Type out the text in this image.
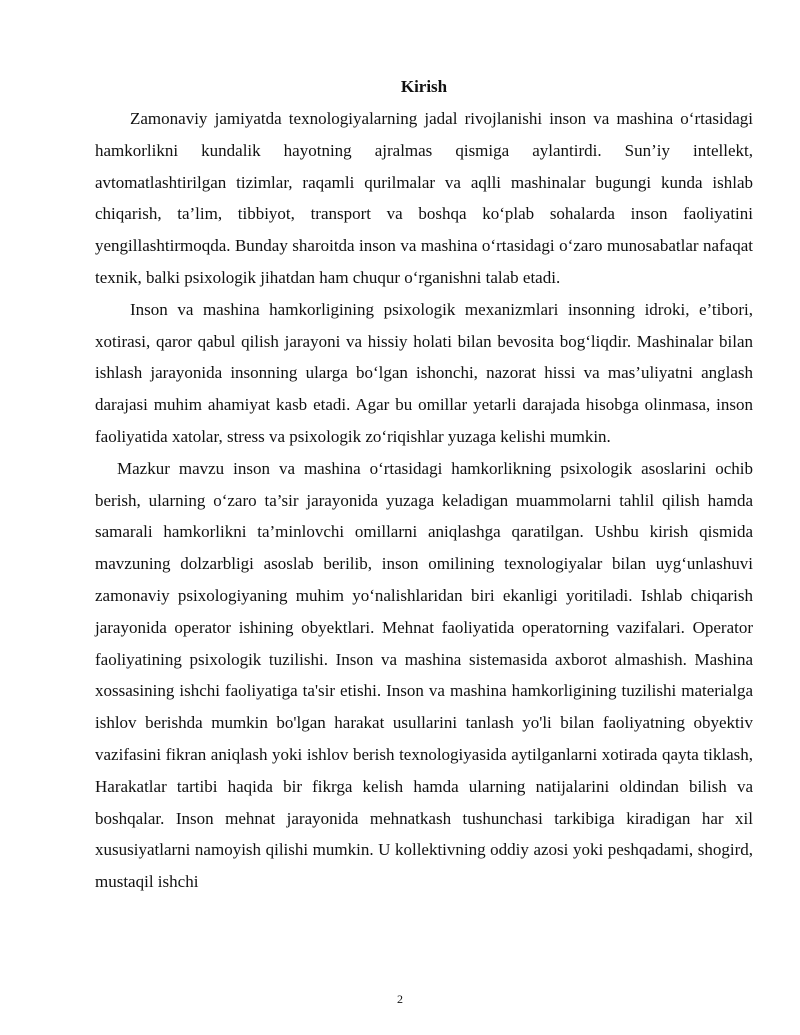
Kirish

Zamonaviy jamiyatda texnologiyalarning jadal rivojlanishi inson va mashina o‘rtasidagi hamkorlikni kundalik hayotning ajralmas qismiga aylantirdi. Sun’iy intellekt, avtomatlashtirilgan tizimlar, raqamli qurilmalar va aqlli mashinalar bugungi kunda ishlab chiqarish, ta’lim, tibbiyot, transport va boshqa ko‘plab sohalarda inson faoliyatini yengillashtirmoqda. Bunday sharoitda inson va mashina o‘rtasidagi o‘zaro munosabatlar nafaqat texnik, balki psixologik jihatdan ham chuqur o‘rganishni talab etadi.

Inson va mashina hamkorligining psixologik mexanizmlari insonning idroki, e’tibori, xotirasi, qaror qabul qilish jarayoni va hissiy holati bilan bevosita bog‘liqdir. Mashinalar bilan ishlash jarayonida insonning ularga bo‘lgan ishonchi, nazorat hissi va mas’uliyatni anglash darajasi muhim ahamiyat kasb etadi. Agar bu omillar yetarli darajada hisobga olinmasa, inson faoliyatida xatolar, stress va psixologik zo‘riqishlar yuzaga kelishi mumkin.

Mazkur mavzu inson va mashina o‘rtasidagi hamkorlikning psixologik asoslarini ochib berish, ularning o‘zaro ta’sir jarayonida yuzaga keladigan muammolarni tahlil qilish hamda samarali hamkorlikni ta’minlovchi omillarni aniqlashga qaratilgan. Ushbu kirish qismida mavzuning dolzarbligi asoslab berilib, inson omilining texnologiyalar bilan uyg‘unlashuvi zamonaviy psixologiyaning muhim yo‘nalishlaridan biri ekanligi yoritiladi. Ishlab chiqarish jarayonida operator ishining obyektlari. Mehnat faoliyatida operatorning vazifalari. Operator faoliyatining psixologik tuzilishi. Inson va mashina sistemasida axborot almashish. Mashina xossasining ishchi faoliyatiga ta'sir etishi. Inson va mashina hamkorligining tuzilishi materialga ishlov berishda mumkin bo'lgan harakat usullarini tanlash yo'li bilan faoliyatning obyektiv vazifasini fikran aniqlash yoki ishlov berish texnologiyasida aytilganlarni xotirada qayta tiklash, Harakatlar tartibi haqida bir fikrga kelish hamda ularning natijalarini oldindan bilish va boshqalar. Inson mehnat jarayonida mehnatkash tushunchasi tarkibiga kiradigan har xil xususiyatlarni namoyish qilishi mumkin. U kollektivning oddiy azosi yoki peshqadami, shogird, mustaqil ishchi

2
